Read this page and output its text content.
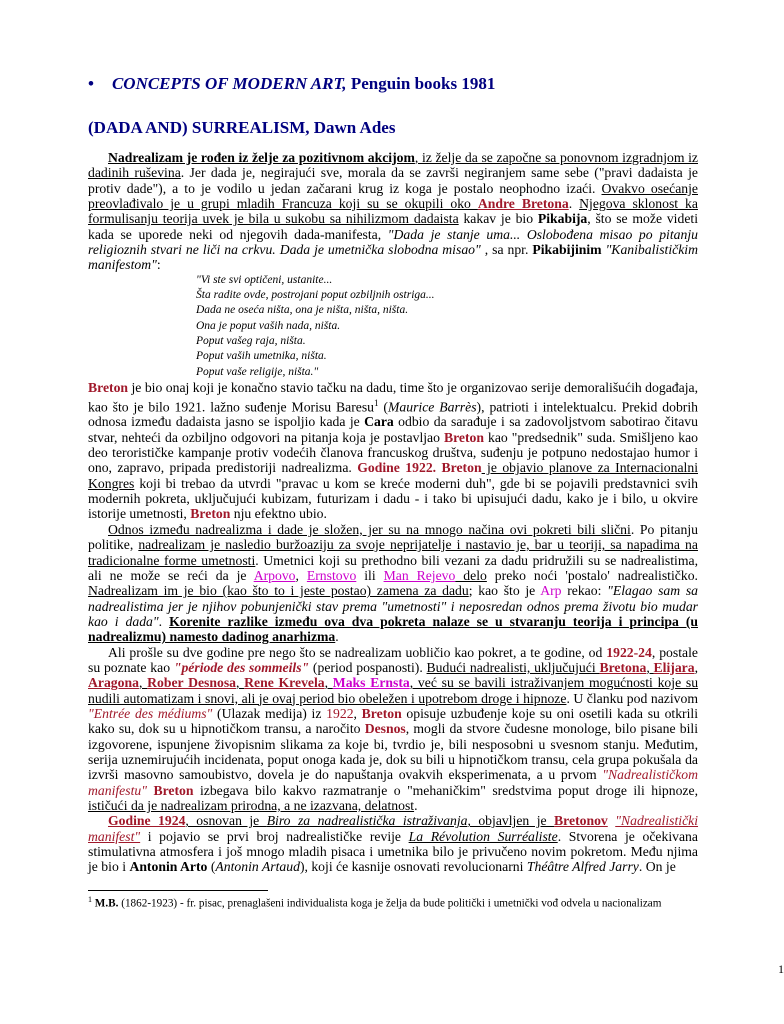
• CONCEPTS OF MODERN ART, Penguin books 1981
(DADA AND) SURREALISM, Dawn Ades

Nadrealizam je rođen iz želje za pozitivnom akcijom, iz želje da se započne sa ponovnom izgradnjom iz dadinih ruševina. Jer dada je, negirajući sve, morala da se završi negiranjem same sebe ("pravi dadaista je protiv dade"), a to je vodilo u jedan začarani krug iz koga je postalo neophodno izaći. Ovakvo osećanje preovlađivalo je u grupi mladih Francuza koji su se okupili oko Andre Bretona. Njegova sklonost ka formulisanju teorija uvek je bila u sukobu sa nihilizmom dadaista kakav je bio Pikabija, što se može videti kada se uporede neki od njegovih dada-manifesta, "Dada je stanje uma... Oslobođena misao po pitanju religioznih stvari ne liči na crkvu. Dada je umetnička slobodna misao" , sa npr. Pikabijinim "Kanibalističkim manifestom":

"Vi ste svi optičeni, ustanite...

Šta radite ovde, postrojani poput ozbiljnih ostriga...

Dada ne oseća ništa, ona je ništa, ništa, ništa.

Ona je poput vaših nada, ništa.

Poput vašeg raja, ništa.

Poput vaših umetnika, ništa.

Poput vaše religije, ništa."

Breton je bio onaj koji je konačno stavio tačku na dadu, time što je organizovao serije demorališućih događaja, kao što je bilo 1921. lažno suđenje Morisu Baresu$^1$ (Maurice Barrès), patrioti i intelektualcu. Prekid dobrih odnosa između dadaista jasno se ispoljio kada je Cara odbio da sarađuje i sa zadovoljstvom sabotirao čitavu stvar, nehteći da ozbiljno odgovori na pitanja koja je postavljao Breton kao "predsednik" suda. Smišljeno kao deo terorističke kampanje protiv vodećih članova francuskog društva, suđenju je potpuno nedostajao humor i ono, zapravo, pripada predistoriji nadrealizma. Godine 1922. Breton je objavio planove za Internacionalni Kongres koji bi trebao da utvrdi "pravac u kom se kreće moderni duh", gde bi se pojavili predstavnici svih modernih pokreta, uključujući kubizam, futurizam i dadu - i tako bi upisujući dadu, kako je i bilo, u okvire istorije umetnosti, Breton nju efektno ubio.

Odnos između nadrealizma i dade je složen, jer su na mnogo načina ovi pokreti bili slični. Po pitanju politike, nadrealizam je nasledio buržoaziju za svoje neprijatelje i nastavio je, bar u teoriji, sa napadima na tradicionalne forme umetnosti. Umetnici koji su prethodno bili vezani za dadu pridružili su se nadrealistima, ali ne može se reći da je Arpovo, Ernstovo ili Man Rejevo delo preko noći 'postalo' nadrealističko. Nadrealizam im je bio (kao što to i jeste postao) zamena za dadu; kao što je Arp rekao: "Elagao sam sa nadrealistima jer je njihov pobunjenički stav prema "umetnosti" i neposredan odnos prema životu bio mudar kao i dada". Korenite razlike između ova dva pokreta nalaze se u stvaranju teorija i principa (u nadrealizmu) namesto dadinog anarhizma.

Ali prošle su dve godine pre nego što se nadrealizam uobličio kao pokret, a te godine, od 1922-24, postale su poznate kao "période des sommeils" (period pospanosti). Budući nadrealisti, uključujući Bretona, Elijara, Aragona, Rober Desnosa, Rene Krevela, Maks Ernsta, već su se bavili istraživanjem mogućnosti koje su nudili automatizam i snovi, ali je ovaj period bio obeležen i upotrebom droge i hipnoze. U članku pod nazivom "Entrée des médiums" (Ulazak medija) iz 1922, Breton opisuje uzbuđenje koje su oni osetili kada su otkrili kako su, dok su u hipnotičkom transu, a naročito Desnos, mogli da stvore čudesne monologe, bilo pisane bili izgovorene, ispunjene živopisnim slikama za koje bi, tvrdio je, bili nesposobni u svesnom stanju. Međutim, serija uznemirujućih incidenata, poput onoga kada je, dok su bili u hipnotičkom transu, cela grupa pokušala da izvrši masovno samoubistvo, dovela je do napuštanja ovakvih eksperimenata, a u prvom "Nadrealističkom manifestu" Breton izbegava bilo kakvo razmatranje o "mehaničkim" sredstvima poput droge ili hipnoze, ističući da je nadrealizam prirodna, a ne izazvana, delatnost.

Godine 1924, osnovan je Biro za nadrealistička istraživanja, objavljen je Bretonov "Nadrealistički manifest" i pojavio se prvi broj nadrealističke revije La Révolution Surréaliste. Stvorena je očekivana stimulativna atmosfera i još mnogo mladih pisaca i umetnika bilo je privučeno novim pokretom. Među njima je bio i Antonin Arto (Antonin Artaud), koji će kasnije osnovati revolucionarni Théâtre Alfred Jarry. On je

$^1$ M.B. (1862-1923) - fr. pisac, prenaglašeni individualista koga je želja da bude politički i umetnički vođ odvela u nacionalizam
1
